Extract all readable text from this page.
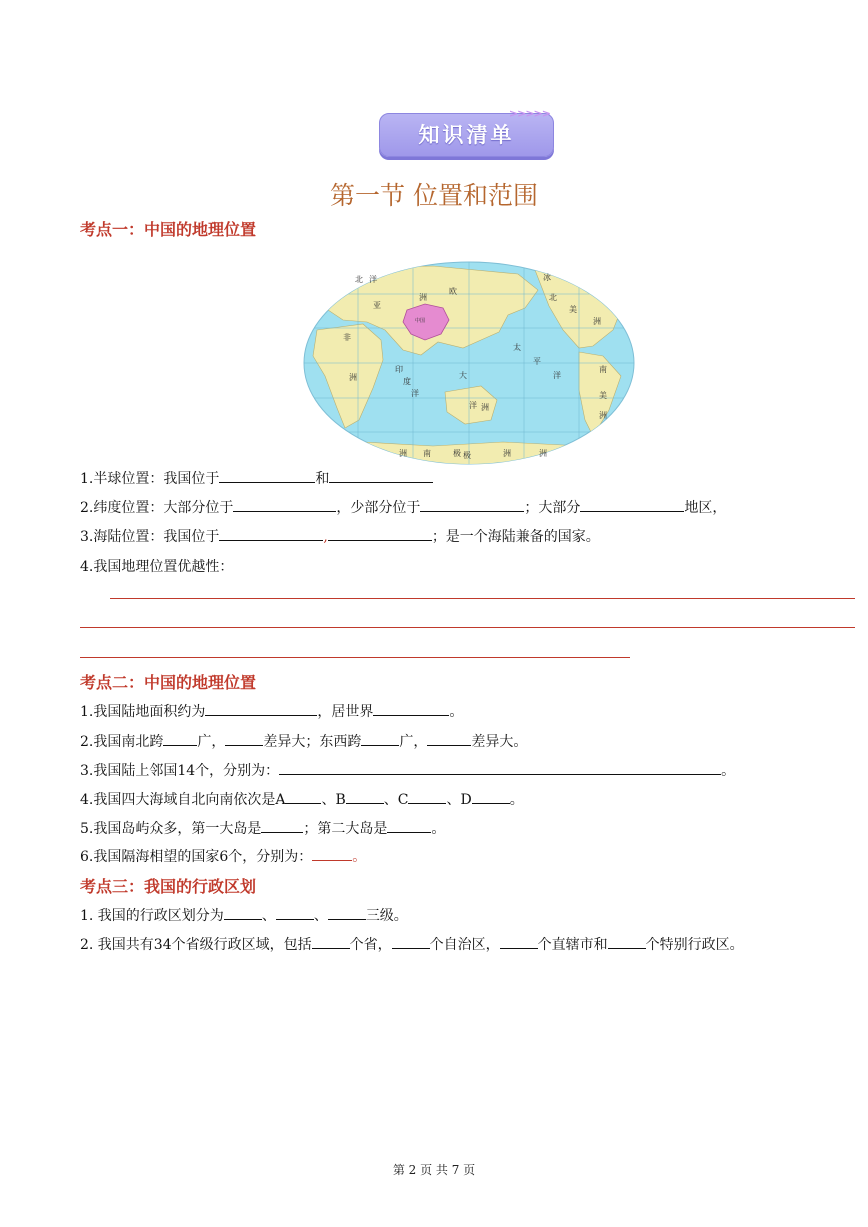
知识清单
>>>>>
第一节 位置和范围
考点一：中国的地理位置
北	冰
洋
亚
欧
洲	北
美
洲
非
洲
南
美
洲
大
洋 洲
印
度
洋
太
平
洋
南	极	洲
洲	极	洲
中国
1.半球位置：我国位于	和
2.纬度位置：大部分位于	，少部分位于	；大部分	地区，
3.海陆位置：我国位于	,	；是一个海陆兼备的国家。
4.我国地理位置优越性：
考点二：中国的地理位置
1.我国陆地面积约为	，居世界	。
2.我国南北跨 广，	差异大；东西跨	广，	差异大。
3.我国陆上邻国14个，分别为：	。
4.我国四大海域自北向南依次是A	、B	、C	、D	。
5.我国岛屿众多，第一大岛是	；第二大岛是	。
6.我国隔海相望的国家6个，分别为：	。
考点三：我国的行政区划
1. 我国的行政区划分为	、	、	三级。
2. 我国共有34个省级行政区域，包括	个省，	个自治区，	个直辖市和	个特别行政区。
第 2 页 共 7 页
